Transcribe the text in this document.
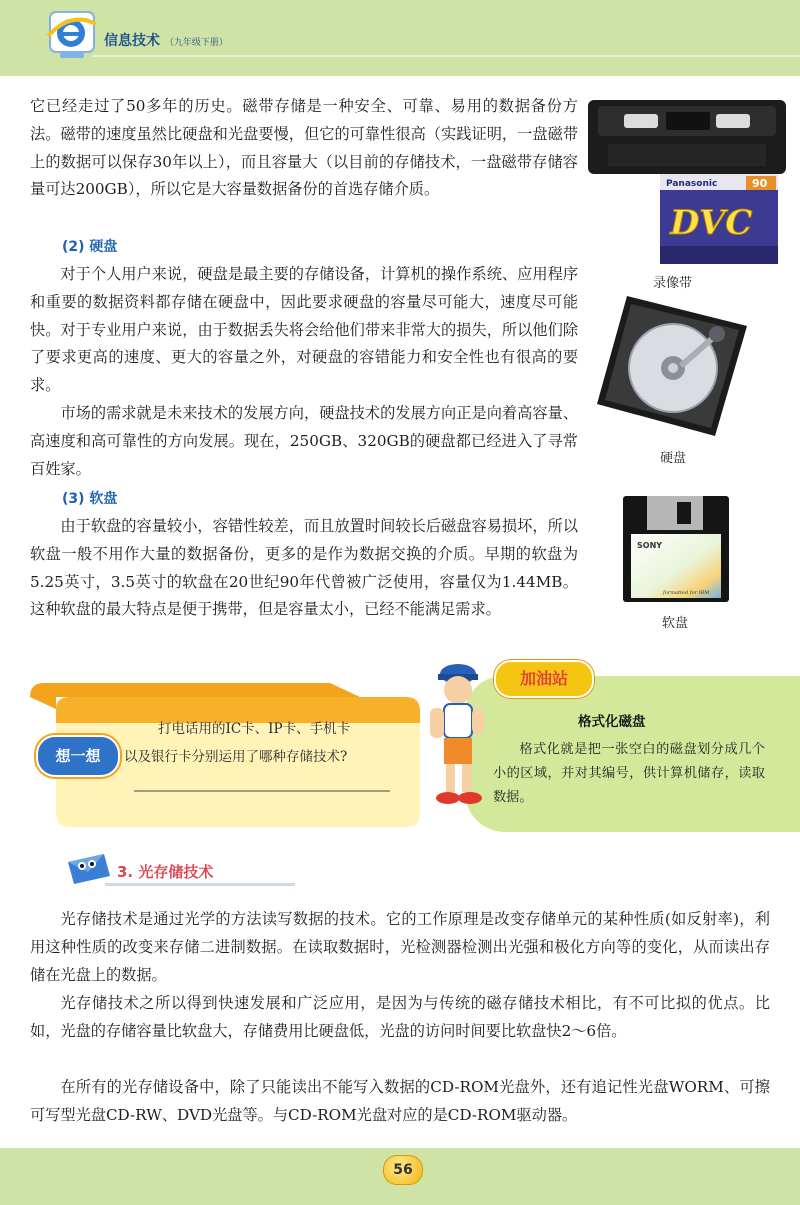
信息技术 （九年级下册）

它已经走过了50多年的历史。磁带存储是一种安全、可靠、易用的数据备份方法。磁带的速度虽然比硬盘和光盘要慢，但它的可靠性很高（实践证明，一盘磁带上的数据可以保存30年以上），而且容量大（以目前的存储技术，一盘磁带存储容量可达200GB），所以它是大容量数据备份的首选存储介质。

(2) 硬盘

对于个人用户来说，硬盘是最主要的存储设备，计算机的操作系统、应用程序和重要的数据资料都存储在硬盘中，因此要求硬盘的容量尽可能大，速度尽可能快。对于专业用户来说，由于数据丢失将会给他们带来非常大的损失，所以他们除了要求更高的速度、更大的容量之外，对硬盘的容错能力和安全性也有很高的要求。

市场的需求就是未来技术的发展方向，硬盘技术的发展方向正是向着高容量、高速度和高可靠性的方向发展。现在，250GB、320GB的硬盘都已经进入了寻常百姓家。

(3) 软盘

由于软盘的容量较小，容错性较差，而且放置时间较长后磁盘容易损坏，所以软盘一般不用作大量的数据备份，更多的是作为数据交换的介质。早期的软盘为5.25英寸，3.5英寸的软盘在20世纪90年代曾被广泛使用，容量仅为1.44MB。这种软盘的最大特点是便于携带，但是容量太小，已经不能满足需求。

Panasonic	90
DVC
录像带
硬盘
SONY
formatted for IBM
软盘
想一想
打电话用的IC卡、IP卡、手机卡
以及银行卡分别运用了哪种存储技术?
加油站
格式化磁盘

格式化就是把一张空白的磁盘划分成几个小的区域，并对其编号，供计算机储存，读取数据。

3. 光存储技术

光存储技术是通过光学的方法读写数据的技术。它的工作原理是改变存储单元的某种性质(如反射率)，利用这种性质的改变来存储二进制数据。在读取数据时，光检测器检测出光强和极化方向等的变化，从而读出存储在光盘上的数据。

光存储技术之所以得到快速发展和广泛应用，是因为与传统的磁存储技术相比，有不可比拟的优点。比如，光盘的存储容量比软盘大，存储费用比硬盘低，光盘的访问时间要比软盘快2～6倍。

在所有的光存储设备中，除了只能读出不能写入数据的CD-ROM光盘外，还有追记性光盘WORM、可擦可写型光盘CD-RW、DVD光盘等。与CD-ROM光盘对应的是CD-ROM驱动器。

56
